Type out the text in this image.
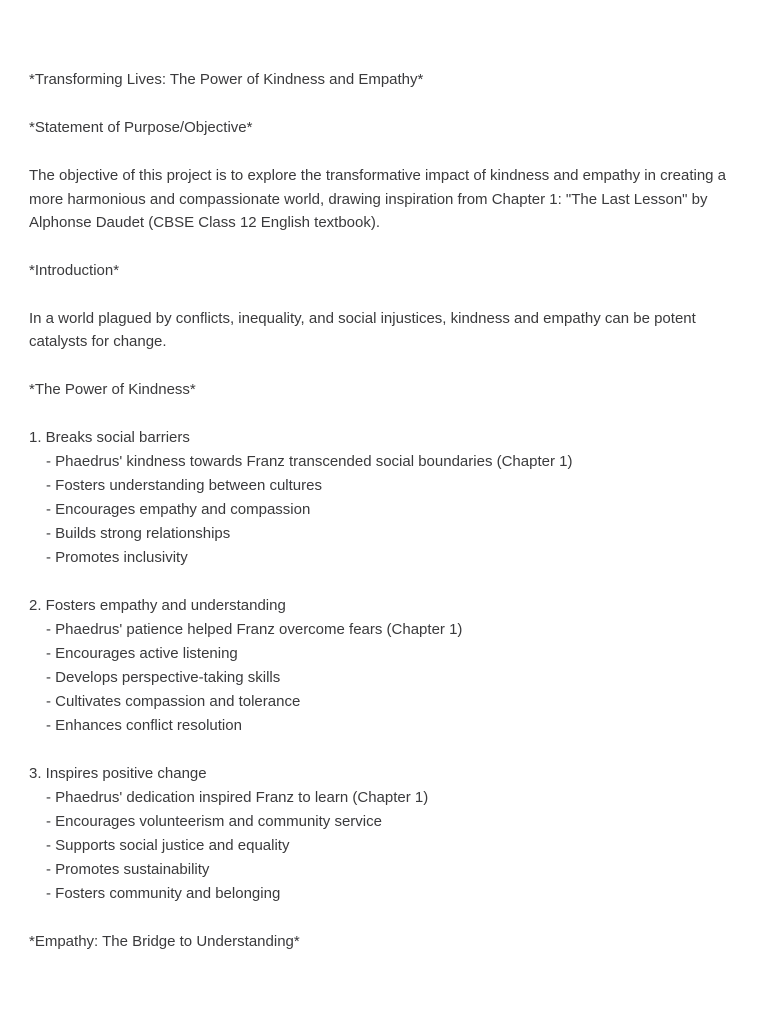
*Transforming Lives: The Power of Kindness and Empathy*
*Statement of Purpose/Objective*

The objective of this project is to explore the transformative impact of kindness and empathy in creating a more harmonious and compassionate world, drawing inspiration from Chapter 1: "The Last Lesson" by Alphonse Daudet (CBSE Class 12 English textbook).

*Introduction*

In a world plagued by conflicts, inequality, and social injustices, kindness and empathy can be potent catalysts for change.

*The Power of Kindness*
1. Breaks social barriers
- Phaedrus' kindness towards Franz transcended social boundaries (Chapter 1)
- Fosters understanding between cultures
- Encourages empathy and compassion
- Builds strong relationships
- Promotes inclusivity
2. Fosters empathy and understanding
- Phaedrus' patience helped Franz overcome fears (Chapter 1)
- Encourages active listening
- Develops perspective-taking skills
- Cultivates compassion and tolerance
- Enhances conflict resolution
3. Inspires positive change
- Phaedrus' dedication inspired Franz to learn (Chapter 1)
- Encourages volunteerism and community service
- Supports social justice and equality
- Promotes sustainability
- Fosters community and belonging
*Empathy: The Bridge to Understanding*
